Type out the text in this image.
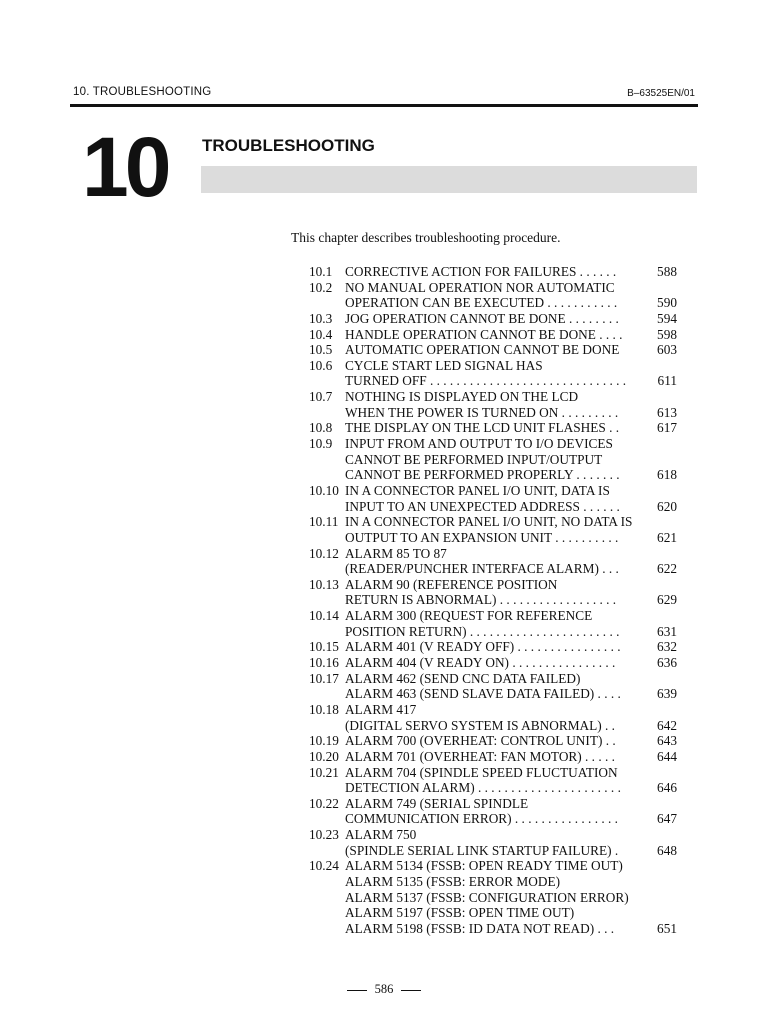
10. TROUBLESHOOTING	B–63525EN/01
10 TROUBLESHOOTING
This chapter describes troubleshooting procedure.
10.1 CORRECTIVE ACTION FOR FAILURES . . . . . .	588
10.2 NO MANUAL OPERATION NOR AUTOMATIC
OPERATION CAN BE EXECUTED . . . . . . . . . . .	590
10.3 JOG OPERATION CANNOT BE DONE . . . . . . . .	594
10.4 HANDLE OPERATION CANNOT BE DONE . . . .	598
10.5 AUTOMATIC OPERATION CANNOT BE DONE	603
10.6 CYCLE START LED SIGNAL HAS
TURNED OFF . . . . . . . . . . . . . . . . . . . . . . . . . . . . . . 611
10.7 NOTHING IS DISPLAYED ON THE LCD
WHEN THE POWER IS TURNED ON . . . . . . . . .	613
10.8 THE DISPLAY ON THE LCD UNIT FLASHES . .	617
10.9 INPUT FROM AND OUTPUT TO I/O DEVICES
CANNOT BE PERFORMED INPUT/OUTPUT
CANNOT BE PERFORMED PROPERLY . . . . . . .	618
10.10 IN A CONNECTOR PANEL I/O UNIT, DATA IS
INPUT TO AN UNEXPECTED ADDRESS . . . . . .	620
10.11 IN A CONNECTOR PANEL I/O UNIT, NO DATA IS
OUTPUT TO AN EXPANSION UNIT . . . . . . . . . .	621
10.12 ALARM 85 TO 87
(READER/PUNCHER INTERFACE ALARM) . . .	622
10.13 ALARM 90 (REFERENCE POSITION
RETURN IS ABNORMAL) . . . . . . . . . . . . . . . . . .	629
10.14 ALARM 300 (REQUEST FOR REFERENCE
POSITION RETURN) . . . . . . . . . . . . . . . . . . . . . . .	631
10.15 ALARM 401 (V READY OFF) . . . . . . . . . . . . . . . .	632
10.16 ALARM 404 (V READY ON) . . . . . . . . . . . . . . . .	636
10.17 ALARM 462 (SEND CNC DATA FAILED)
ALARM 463 (SEND SLAVE DATA FAILED) . . . .	639
10.18 ALARM 417
(DIGITAL SERVO SYSTEM IS ABNORMAL) . .	642
10.19 ALARM 700 (OVERHEAT: CONTROL UNIT) . .	643
10.20 ALARM 701 (OVERHEAT: FAN MOTOR) . . . . .	644
10.21 ALARM 704 (SPINDLE SPEED FLUCTUATION
DETECTION ALARM) . . . . . . . . . . . . . . . . . . . . . .	646
10.22 ALARM 749 (SERIAL SPINDLE
COMMUNICATION ERROR) . . . . . . . . . . . . . . . .	647
10.23 ALARM 750
(SPINDLE SERIAL LINK STARTUP FAILURE) .	648
10.24 ALARM 5134 (FSSB: OPEN READY TIME OUT)
ALARM 5135 (FSSB: ERROR MODE)
ALARM 5137 (FSSB: CONFIGURATION ERROR)
ALARM 5197 (FSSB: OPEN TIME OUT)
ALARM 5198 (FSSB: ID DATA NOT READ) . . .	651
586
